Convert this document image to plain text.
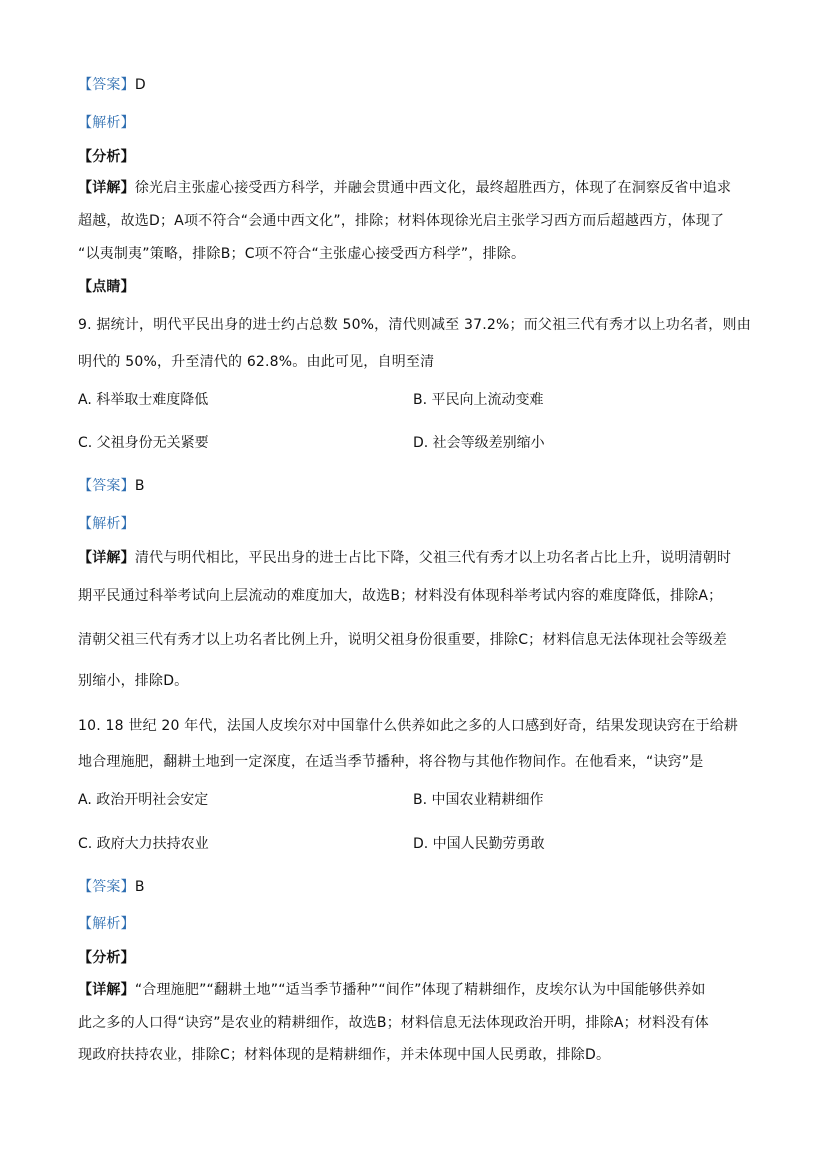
【答案】D
【解析】
【分析】
【详解】徐光启主张虚心接受西方科学，并融会贯通中西文化，最终超胜西方，体现了在洞察反省中追求
超越，故选D；A项不符合“会通中西文化”，排除；材料体现徐光启主张学习西方而后超越西方，体现了
“以夷制夷”策略，排除B；C项不符合“主张虚心接受西方科学”，排除。
【点睛】
9. 据统计，明代平民出身的进士约占总数 50%，清代则减至 37.2%；而父祖三代有秀才以上功名者，则由
明代的 50%，升至清代的 62.8%。由此可见，自明至清
A. 科举取士难度降低	B. 平民向上流动变难
C. 父祖身份无关紧要	D. 社会等级差别缩小
【答案】B
【解析】
【详解】清代与明代相比，平民出身的进士占比下降，父祖三代有秀才以上功名者占比上升，说明清朝时
期平民通过科举考试向上层流动的难度加大，故选B；材料没有体现科举考试内容的难度降低，排除A；
清朝父祖三代有秀才以上功名者比例上升，说明父祖身份很重要，排除C；材料信息无法体现社会等级差
别缩小，排除D。
10. 18 世纪 20 年代，法国人皮埃尔对中国靠什么供养如此之多的人口感到好奇，结果发现诀窍在于给耕
地合理施肥，翻耕土地到一定深度，在适当季节播种，将谷物与其他作物间作。在他看来，“诀窍”是
A. 政治开明社会安定	B. 中国农业精耕细作
C. 政府大力扶持农业	D. 中国人民勤劳勇敢
【答案】B
【解析】
【分析】
【详解】“合理施肥”“翻耕土地”“适当季节播种”“间作”体现了精耕细作，皮埃尔认为中国能够供养如
此之多的人口得“诀窍”是农业的精耕细作，故选B；材料信息无法体现政治开明，排除A；材料没有体
现政府扶持农业，排除C；材料体现的是精耕细作，并未体现中国人民勇敢，排除D。
